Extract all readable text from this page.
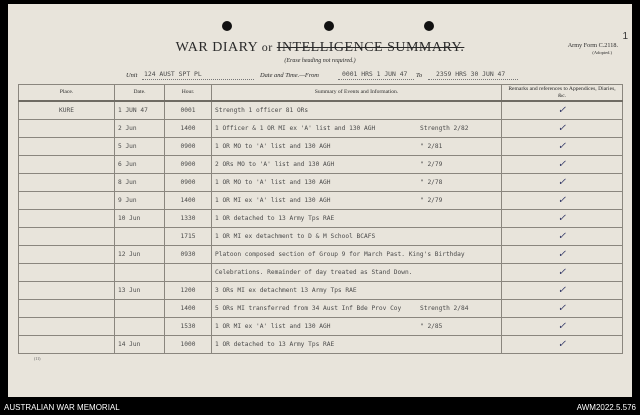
1
WAR DIARY or INTELLIGENCE SUMMARY.
(Erase heading not required.)
Army Form C.2118.
(Adopted.)
Unit 124 AUST SPT PL	Date and Time.—From	0001 HRS 1 JUN 47 To 2359 HRS 30 JUN 47
Place.	Date.	Hour.	Summary of Events and Information.	Remarks and references to Appendices, Diaries, &c.
KURE	1 JUN 47	0001	Strength 1 officer 81 ORs	✓
	2 Jun	1400	1 Officer & 1 OR MI ex 'A' list and 130 AGH Strength 2/82	✓
	5 Jun	0900	1 OR MO to 'A' list and 130 AGH " 2/81	✓
	6 Jun	0900	2 ORs MO to 'A' list and 130 AGH " 2/79	✓
	8 Jun	0900	1 OR MO to 'A' list and 130 AGH " 2/78	✓
	9 Jun	1400	1 OR MI ex 'A' list and 130 AGH " 2/79	✓
	10 Jun	1330	1 OR detached to 13 Army Tps RAE	✓
		1715	1 OR MI ex detachment to D & M School BCAFS	✓
	12 Jun	0930	Platoon composed section of Group 9 for March Past. King's Birthday	✓
			Celebrations. Remainder of day treated as Stand Down.	✓
	13 Jun	1200	3 ORs MI ex detachment 13 Army Tps RAE	✓
		1400	5 ORs MI transferred from 34 Aust Inf Bde Prov Coy Strength 2/84	✓
		1530	1 OR MI ex 'A' list and 130 AGH " 2/85	✓
	14 Jun	1000	1 OR detached to 13 Army Tps RAE	✓
(11)
AUSTRALIAN WAR MEMORIAL	AWM2022.5.576
